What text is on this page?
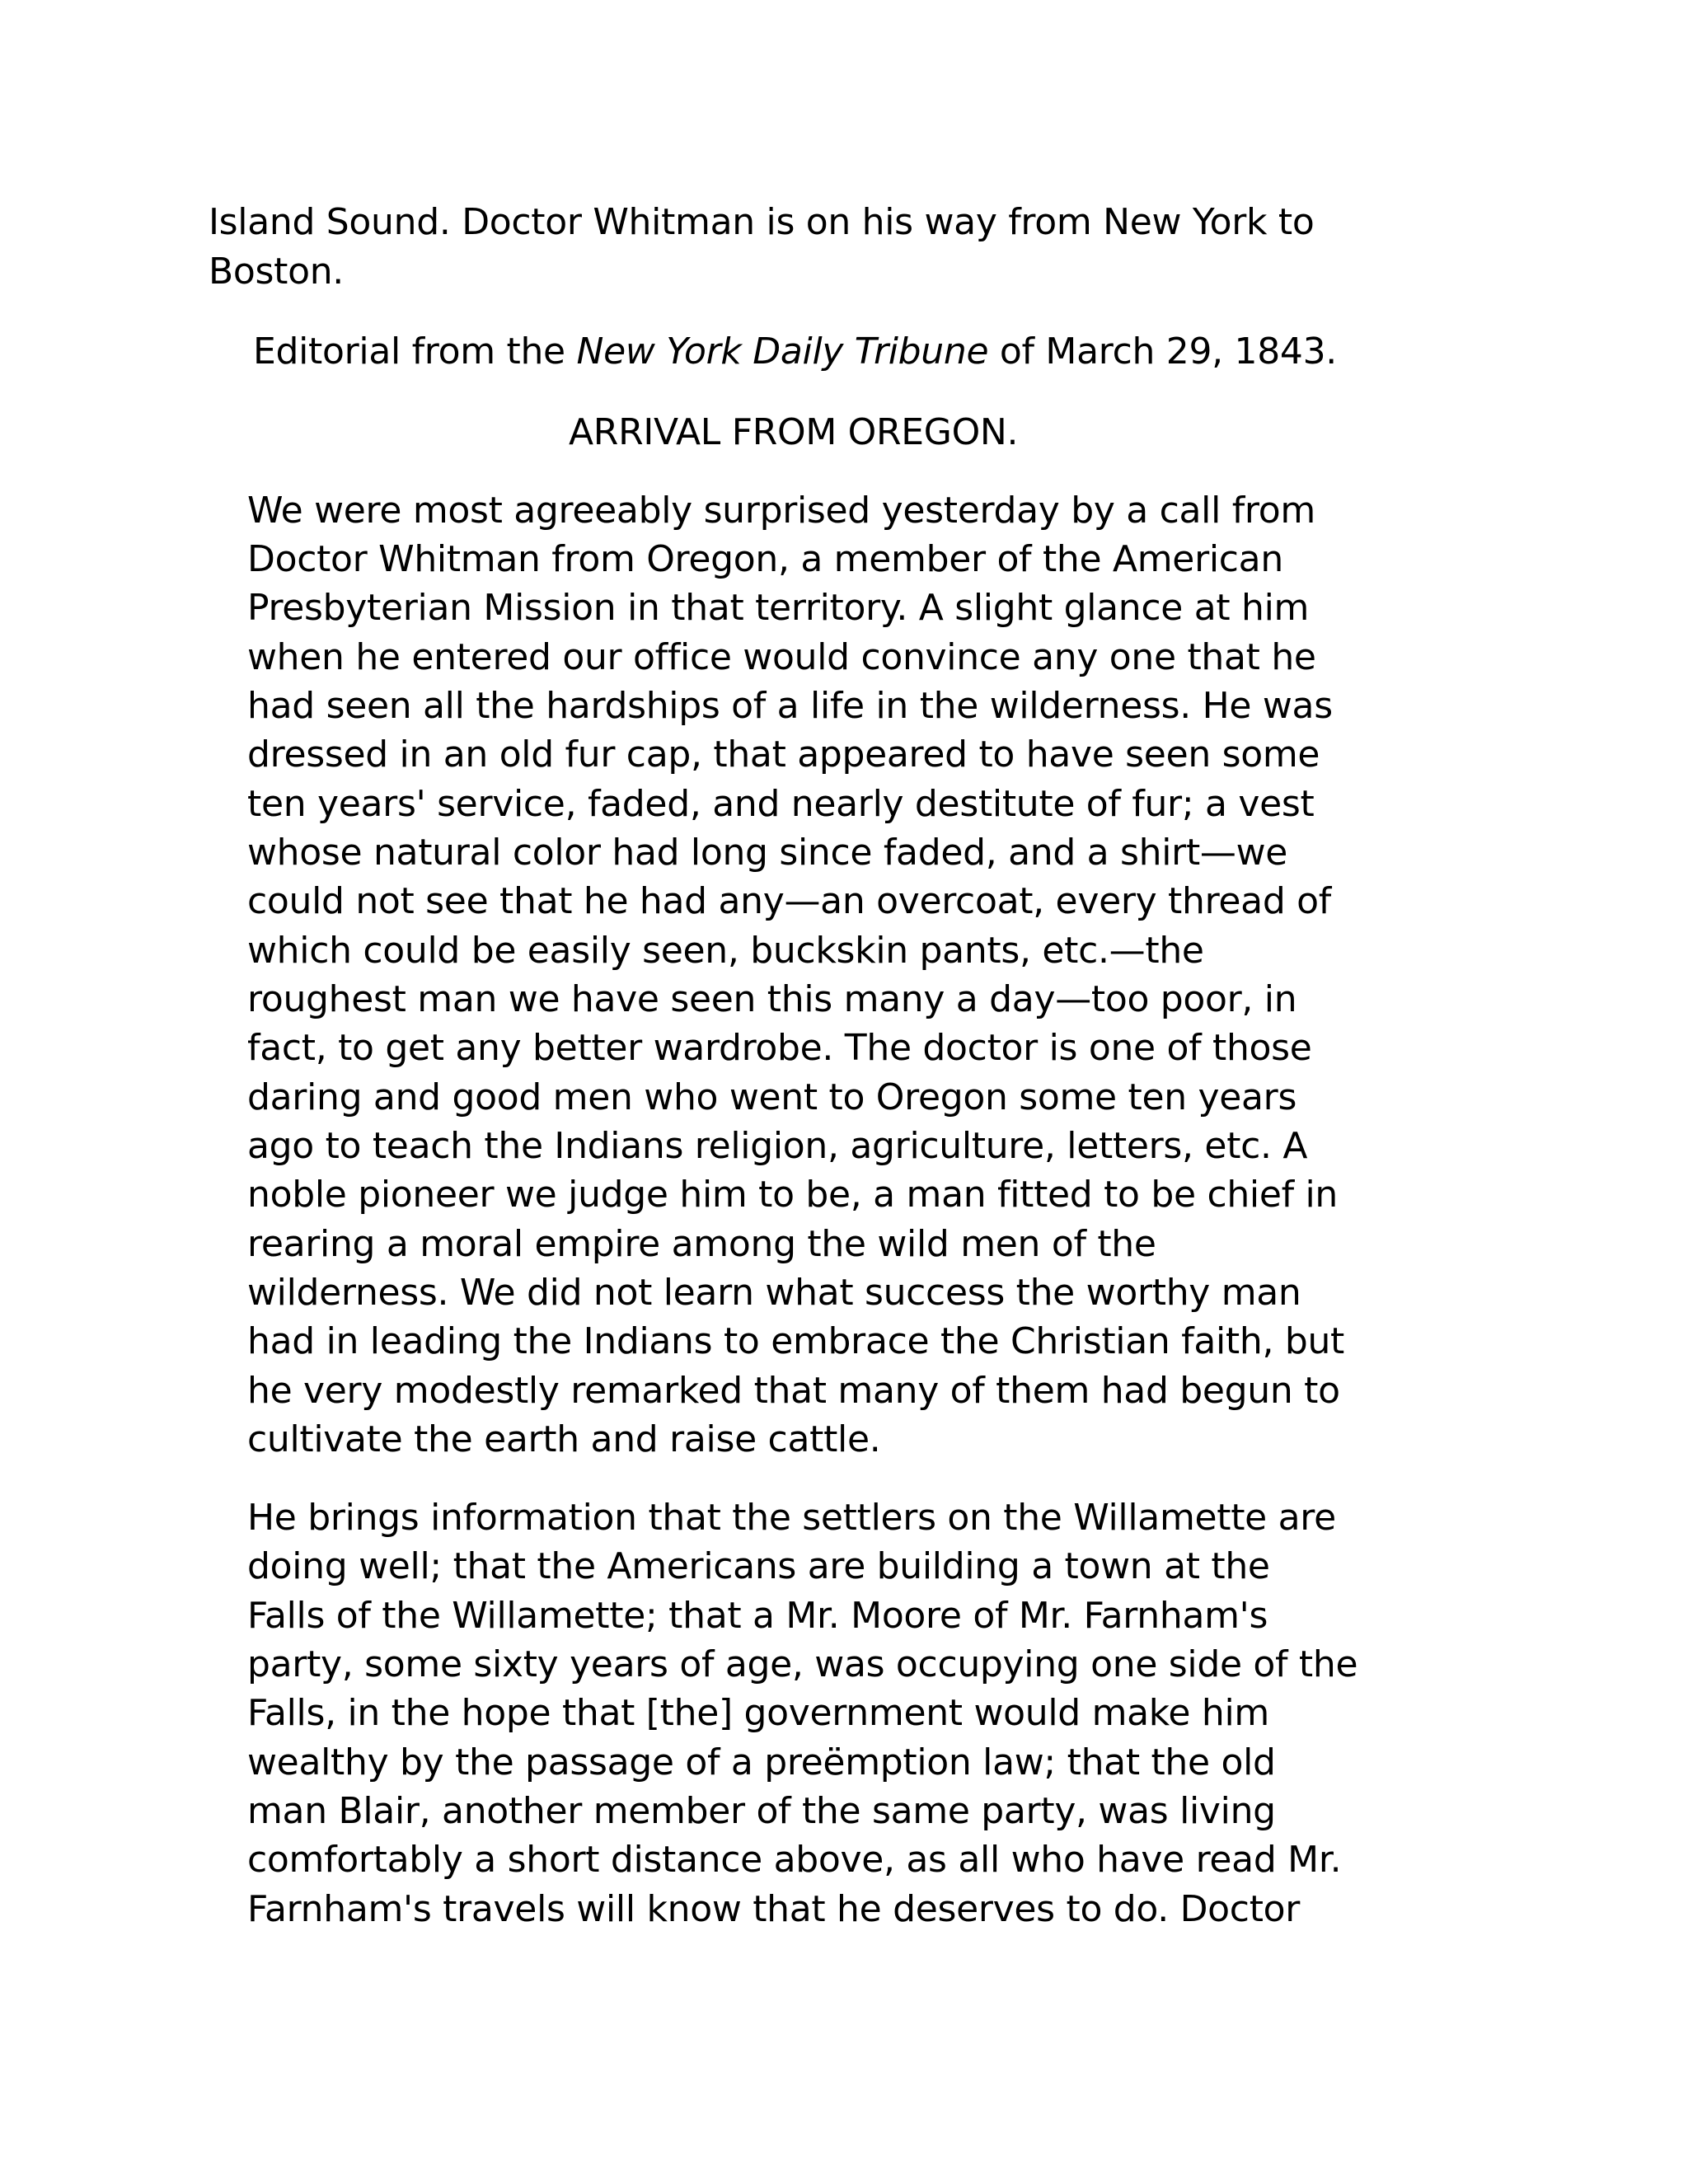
Island Sound. Doctor Whitman is on his way from New York to
Boston.
Editorial from the New York Daily Tribune of March 29, 1843.
ARRIVAL FROM OREGON.
We were most agreeably surprised yesterday by a call from
Doctor Whitman from Oregon, a member of the American
Presbyterian Mission in that territory. A slight glance at him
when he entered our office would convince any one that he
had seen all the hardships of a life in the wilderness. He was
dressed in an old fur cap, that appeared to have seen some
ten years' service, faded, and nearly destitute of fur; a vest
whose natural color had long since faded, and a shirt—we
could not see that he had any—an overcoat, every thread of
which could be easily seen, buckskin pants, etc.—the
roughest man we have seen this many a day—too poor, in
fact, to get any better wardrobe. The doctor is one of those
daring and good men who went to Oregon some ten years
ago to teach the Indians religion, agriculture, letters, etc. A
noble pioneer we judge him to be, a man fitted to be chief in
rearing a moral empire among the wild men of the
wilderness. We did not learn what success the worthy man
had in leading the Indians to embrace the Christian faith, but
he very modestly remarked that many of them had begun to
cultivate the earth and raise cattle.
He brings information that the settlers on the Willamette are
doing well; that the Americans are building a town at the
Falls of the Willamette; that a Mr. Moore of Mr. Farnham's
party, some sixty years of age, was occupying one side of the
Falls, in the hope that [the] government would make him
wealthy by the passage of a preëmption law; that the old
man Blair, another member of the same party, was living
comfortably a short distance above, as all who have read Mr.
Farnham's travels will know that he deserves to do. Doctor
